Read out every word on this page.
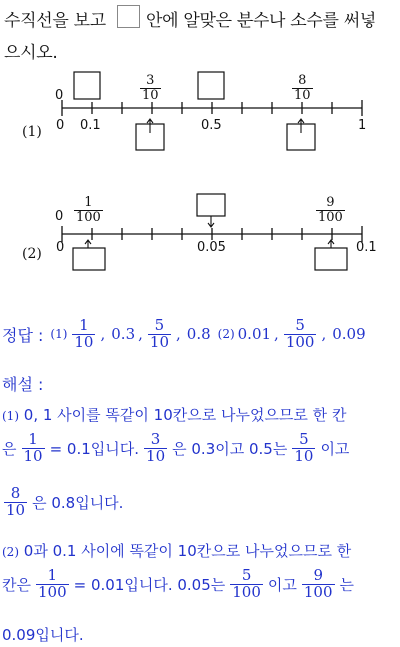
수직선을 보고 안에 알맞은 분수나 소수를 써넣
으시오.
0	$\frac{3}{10}$	$\frac{8}{10}$
0 0.1	0.5	1
(1)
$0 \frac{1}{100}$	$\frac{9}{100}$
0	0.05	0.1
(2)
정답 : $(1) \frac{1}{10}$ , 0.3 , $\frac{5}{10}$ , 0.8 (2) 0.01 , $\frac{5}{100}$ , 0.09
해설 :
(1) 0, 1 사이를 똑같이 10칸으로 나누었으므로 한 칸
은 $\frac{1}{10} = 0.1$입니다. $\frac{3}{10}$ 은 0.3이고 0.5는 $\frac{5}{10}$ 이고
$\frac{8}{10}$ 은 0.8입니다.
(2) 0과 0.1 사이에 똑같이 10칸으로 나누었으므로 한
칸은 $\frac{1}{100} = 0.01$입니다. 0.05는 $\frac{5}{100}$ 이고 $\frac{9}{100}$ 는
0.09입니다.
